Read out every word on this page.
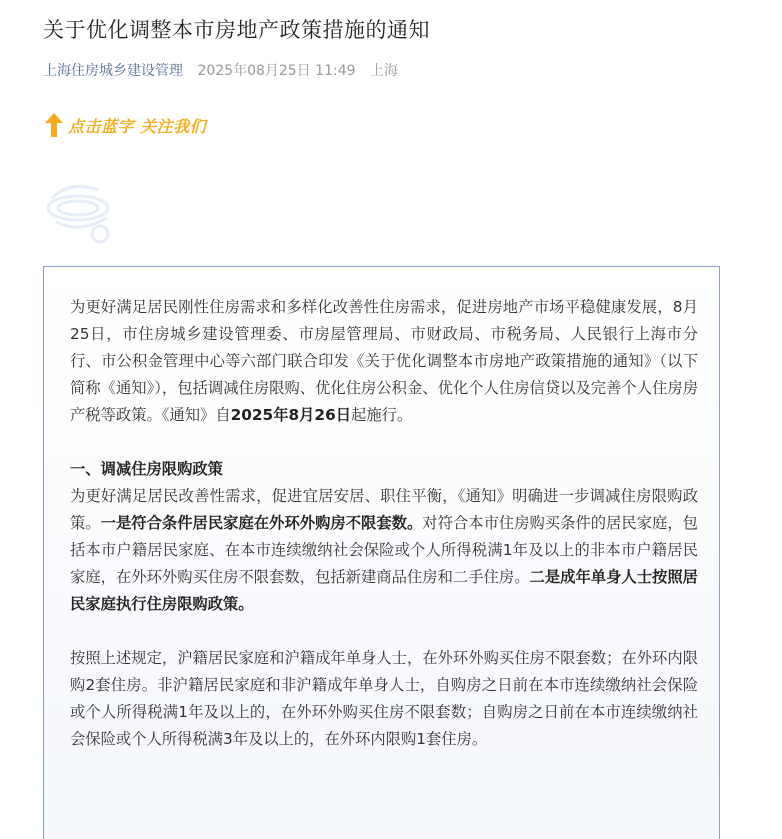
关于优化调整本市房地产政策措施的通知
上海住房城乡建设管理 2025年08月25日 11:49 上海
点击蓝字 关注我们

为更好满足居民刚性住房需求和多样化改善性住房需求，促进房地产市场平稳健康发展，8月25日，市住房城乡建设管理委、市房屋管理局、市财政局、市税务局、人民银行上海市分行、市公积金管理中心等六部门联合印发《关于优化调整本市房地产政策措施的通知》（以下简称《通知》），包括调减住房限购、优化住房公积金、优化个人住房信贷以及完善个人住房房产税等政策。《通知》自2025年8月26日起施行。

一、调减住房限购政策

为更好满足居民改善性需求，促进宜居安居、职住平衡，《通知》明确进一步调减住房限购政策。一是符合条件居民家庭在外环外购房不限套数。对符合本市住房购买条件的居民家庭，包括本市户籍居民家庭、在本市连续缴纳社会保险或个人所得税满1年及以上的非本市户籍居民家庭，在外环外购买住房不限套数，包括新建商品住房和二手住房。二是成年单身人士按照居民家庭执行住房限购政策。

按照上述规定，沪籍居民家庭和沪籍成年单身人士，在外环外购买住房不限套数；在外环内限购2套住房。非沪籍居民家庭和非沪籍成年单身人士，自购房之日前在本市连续缴纳社会保险或个人所得税满1年及以上的，在外环外购买住房不限套数；自购房之日前在本市连续缴纳社会保险或个人所得税满3年及以上的，在外环内限购1套住房。
